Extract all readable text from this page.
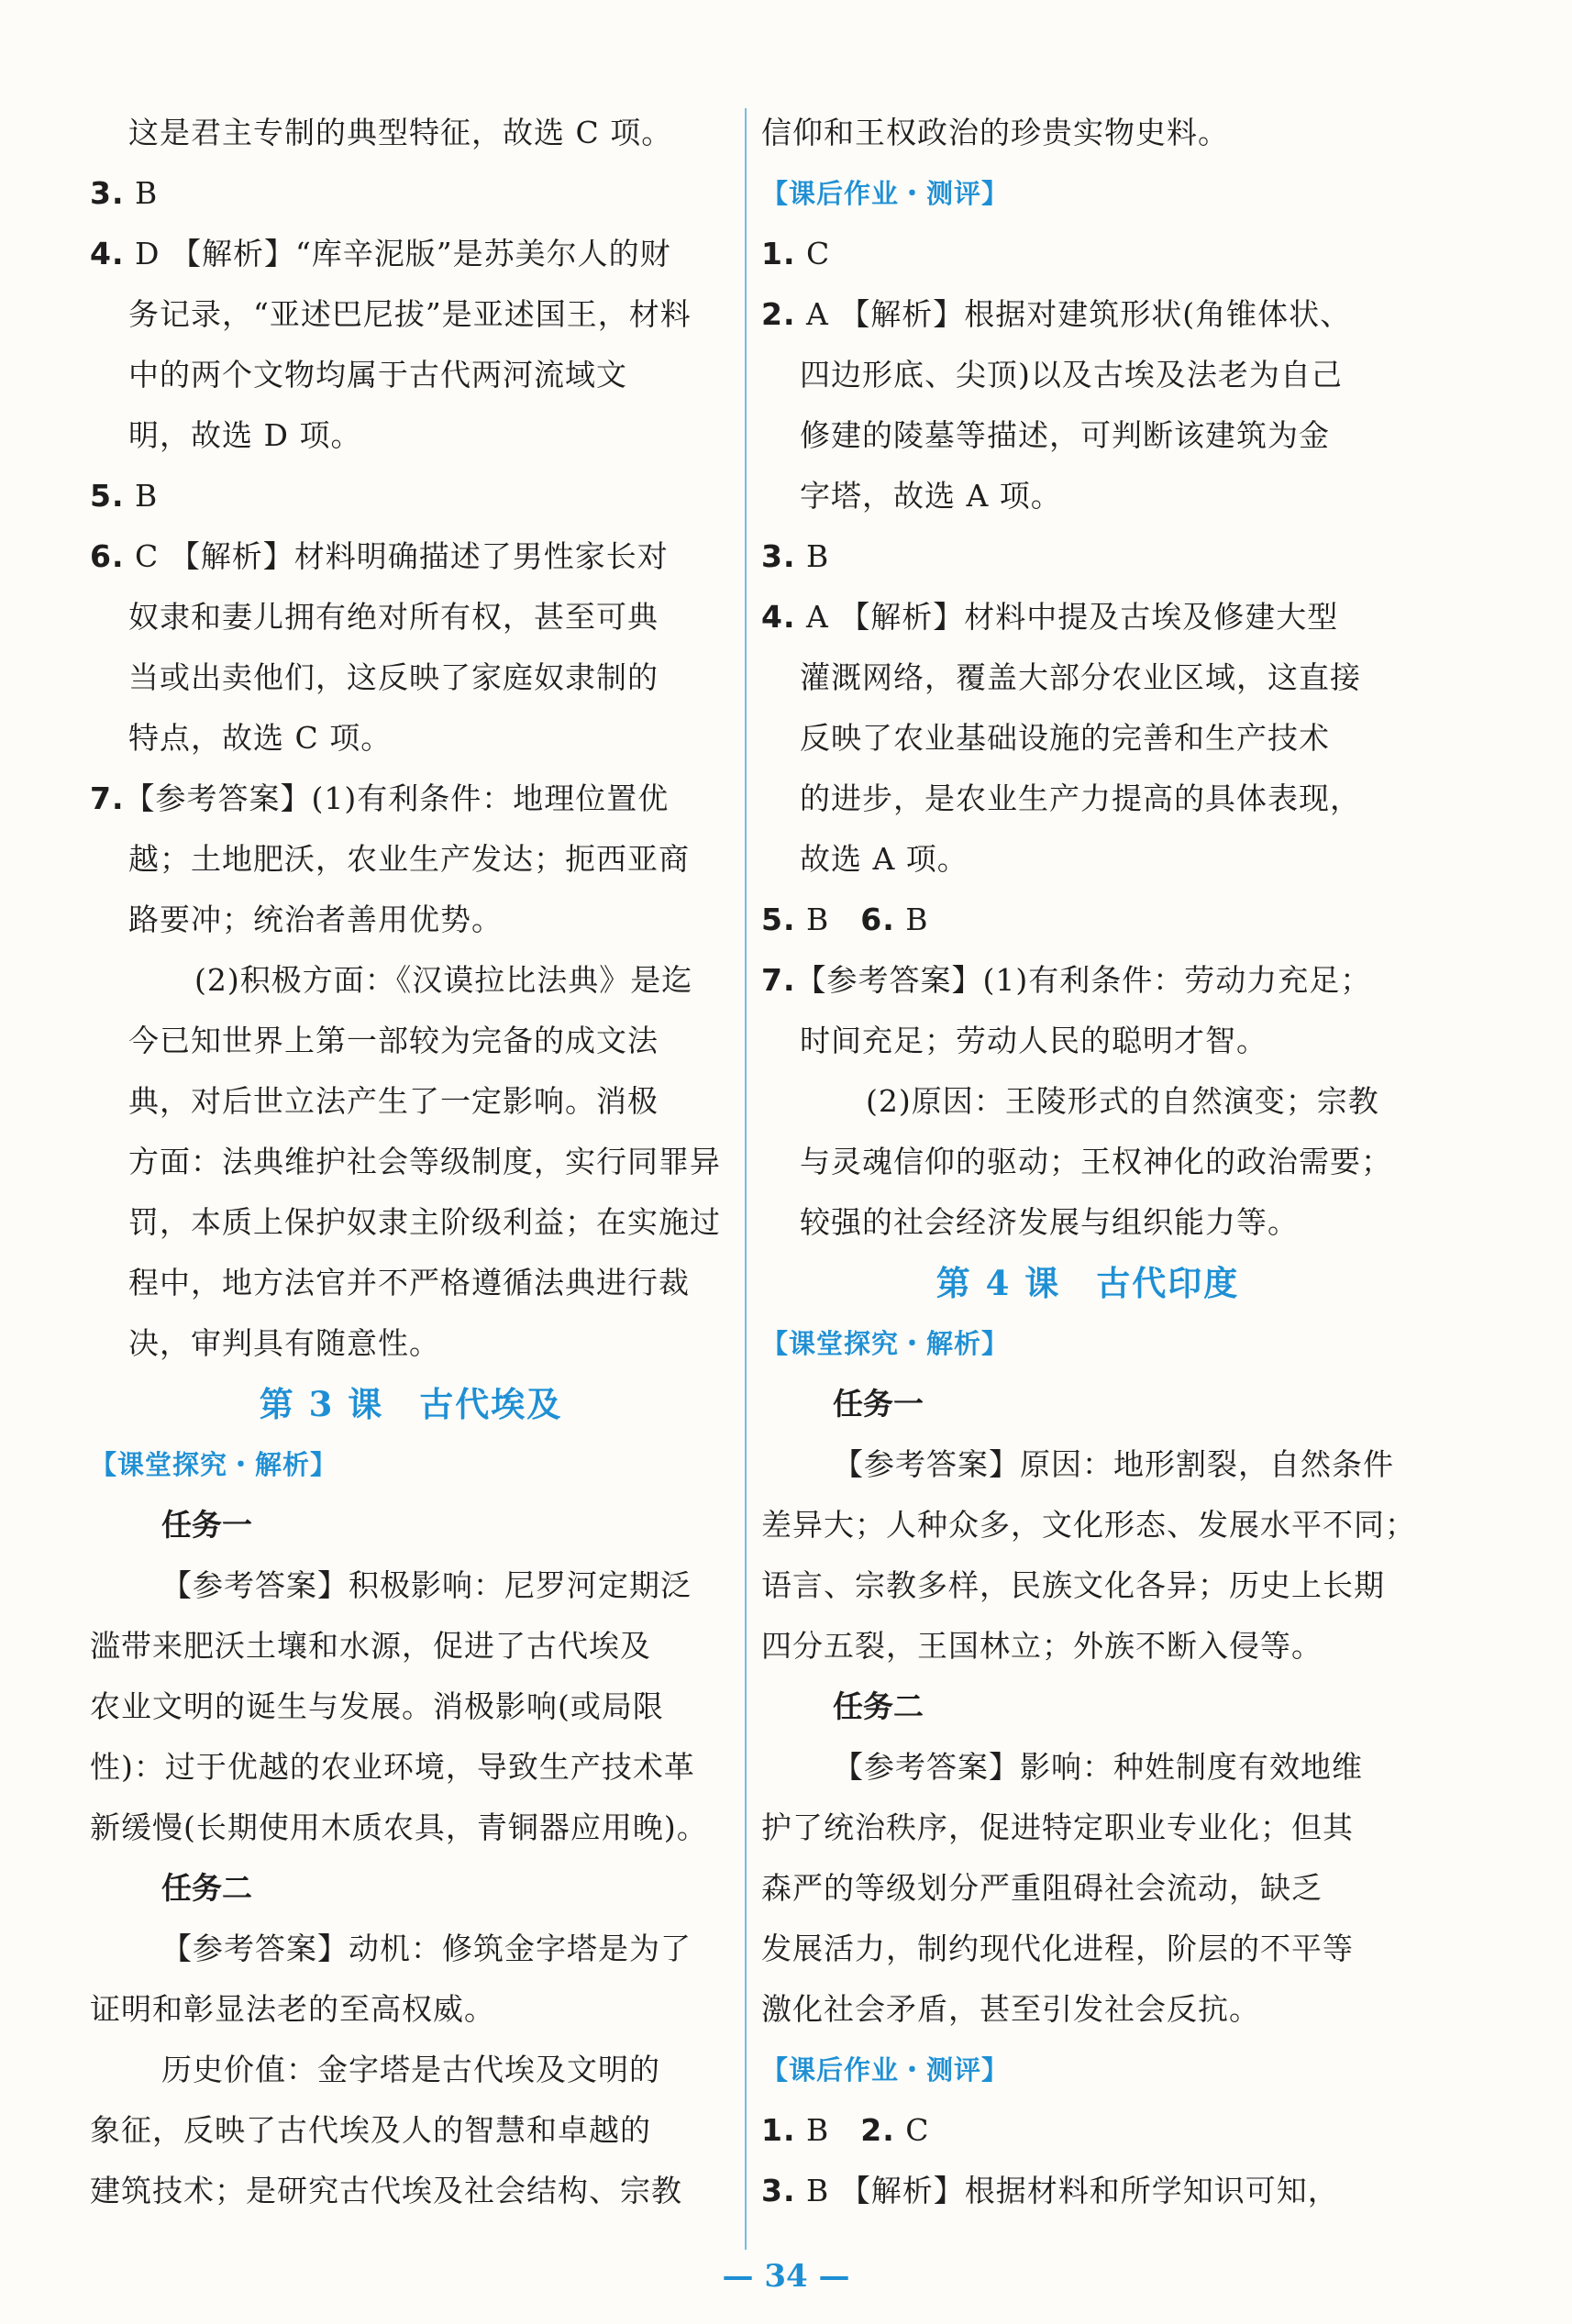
这是君主专制的典型特征，故选 C 项。
3. B
4. D 【解析】“库辛泥版”是苏美尔人的财
务记录，“亚述巴尼拔”是亚述国王，材料
中的两个文物均属于古代两河流域文
明，故选 D 项。
5. B
6. C 【解析】材料明确描述了男性家长对
奴隶和妻儿拥有绝对所有权，甚至可典
当或出卖他们，这反映了家庭奴隶制的
特点，故选 C 项。
7.【参考答案】(1)有利条件：地理位置优
越；土地肥沃，农业生产发达；扼西亚商
路要冲；统治者善用优势。
(2)积极方面：《汉谟拉比法典》是迄
今已知世界上第一部较为完备的成文法
典，对后世立法产生了一定影响。消极
方面：法典维护社会等级制度，实行同罪异
罚，本质上保护奴隶主阶级利益；在实施过
程中，地方法官并不严格遵循法典进行裁
决，审判具有随意性。
第 3 课　古代埃及
【课堂探究・解析】
任务一
【参考答案】积极影响：尼罗河定期泛
滥带来肥沃土壤和水源，促进了古代埃及
农业文明的诞生与发展。消极影响(或局限
性)：过于优越的农业环境，导致生产技术革
新缓慢(长期使用木质农具，青铜器应用晚)。
任务二
【参考答案】动机：修筑金字塔是为了
证明和彰显法老的至高权威。
历史价值：金字塔是古代埃及文明的
象征，反映了古代埃及人的智慧和卓越的
建筑技术；是研究古代埃及社会结构、宗教
信仰和王权政治的珍贵实物史料。
【课后作业・测评】
1. C
2. A 【解析】根据对建筑形状(角锥体状、
四边形底、尖顶)以及古埃及法老为自己
修建的陵墓等描述，可判断该建筑为金
字塔，故选 A 项。
3. B
4. A 【解析】材料中提及古埃及修建大型
灌溉网络，覆盖大部分农业区域，这直接
反映了农业基础设施的完善和生产技术
的进步，是农业生产力提高的具体表现，
故选 A 项。
5. B　6. B
7.【参考答案】(1)有利条件：劳动力充足；
时间充足；劳动人民的聪明才智。
(2)原因：王陵形式的自然演变；宗教
与灵魂信仰的驱动；王权神化的政治需要；
较强的社会经济发展与组织能力等。
第 4 课　古代印度
【课堂探究・解析】
任务一
【参考答案】原因：地形割裂，自然条件
差异大；人种众多，文化形态、发展水平不同；
语言、宗教多样，民族文化各异；历史上长期
四分五裂，王国林立；外族不断入侵等。
任务二
【参考答案】影响：种姓制度有效地维
护了统治秩序，促进特定职业专业化；但其
森严的等级划分严重阻碍社会流动，缺乏
发展活力，制约现代化进程，阶层的不平等
激化社会矛盾，甚至引发社会反抗。
【课后作业・测评】
1. B　2. C
3. B 【解析】根据材料和所学知识可知，
— 34 —
